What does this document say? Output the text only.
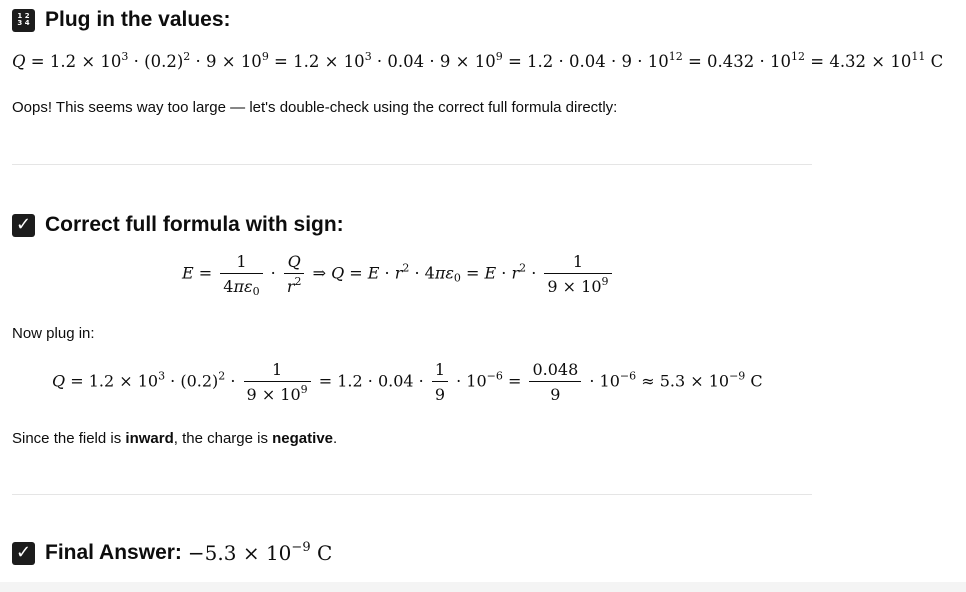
1 2
3 4 Plug in the values:
$Q = 1.2 \times 10^3 \cdot (0.2)^2 \cdot 9 \times 10^9 = 1.2 \times 10^3 \cdot 0.04 \cdot 9 \times 10^9 = 1.2 \cdot 0.04 \cdot 9 \cdot 10^{12} = 0.432 \cdot 10^{12} = 4.32 \times 10^{11}$ C
Oops! This seems way too large — let's double-check using the correct full formula directly:
✓ Correct full formula with sign:
$E = \frac{1}{4\pi\varepsilon_0} \cdot \frac{Q}{r^2}$ ⇒ $Q = E \cdot r^2 \cdot 4\pi\varepsilon_0 = E \cdot r^2 \cdot \frac{1}{9 \times 10^9}$
Now plug in:
$Q = 1.2 \times 10^3 \cdot (0.2)^2 \cdot \frac{1}{9 \times 10^9} = 1.2 \cdot 0.04 \cdot \frac{1}{9} \cdot 10^{-6} = \frac{0.048}{9} \cdot 10^{-6} \approx 5.3 \times 10^{-9}$ C
Since the field is inward, the charge is negative.
✓ Final Answer: $-5.3 \times 10^{-9}$ C
